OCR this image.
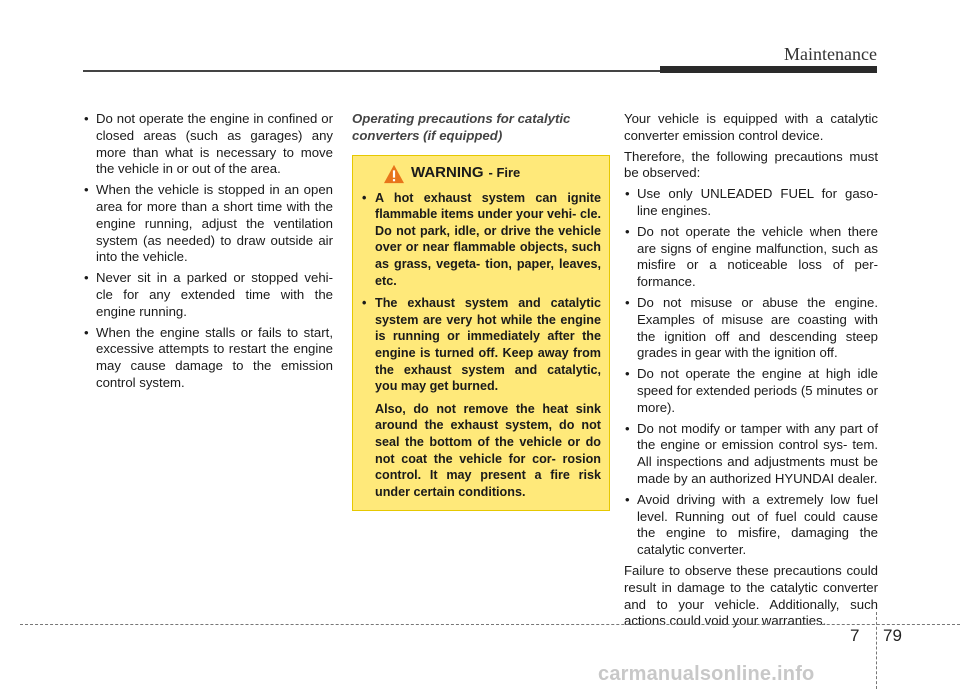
Maintenance
• Do not operate the engine in confined or closed areas (such as garages) any more than what is necessary to move the vehicle in or out of the area.
• When the vehicle is stopped in an open area for more than a short time with the engine running, adjust the ventilation system (as needed) to draw outside air into the vehicle.
• Never sit in a parked or stopped vehi- cle for any extended time with the engine running.
• When the engine stalls or fails to start, excessive attempts to restart the engine may cause damage to the emission control system.
Operating precautions for catalytic converters (if equipped)
WARNING - Fire
• A hot exhaust system can ignite flammable items under your vehi- cle. Do not park, idle, or drive the vehicle over or near flammable objects, such as grass, vegeta- tion, paper, leaves, etc.
• The exhaust system and catalytic system are very hot while the engine is running or immediately after the engine is turned off. Keep away from the exhaust system and catalytic, you may get burned.

Also, do not remove the heat sink around the exhaust system, do not seal the bottom of the vehicle or do not coat the vehicle for cor- rosion control. It may present a fire risk under certain conditions.

Your vehicle is equipped with a catalytic converter emission control device.

Therefore, the following precautions must be observed:

• Use only UNLEADED FUEL for gaso- line engines.
• Do not operate the vehicle when there are signs of engine malfunction, such as misfire or a noticeable loss of per- formance.
• Do not misuse or abuse the engine. Examples of misuse are coasting with the ignition off and descending steep grades in gear with the ignition off.
• Do not operate the engine at high idle speed for extended periods (5 minutes or more).
• Do not modify or tamper with any part of the engine or emission control sys- tem. All inspections and adjustments must be made by an authorized HYUNDAI dealer.
• Avoid driving with a extremely low fuel level. Running out of fuel could cause the engine to misfire, damaging the catalytic converter.

Failure to observe these precautions could result in damage to the catalytic converter and to your vehicle. Additionally, such actions could void your warranties.

7 79
carmanualsonline.info
